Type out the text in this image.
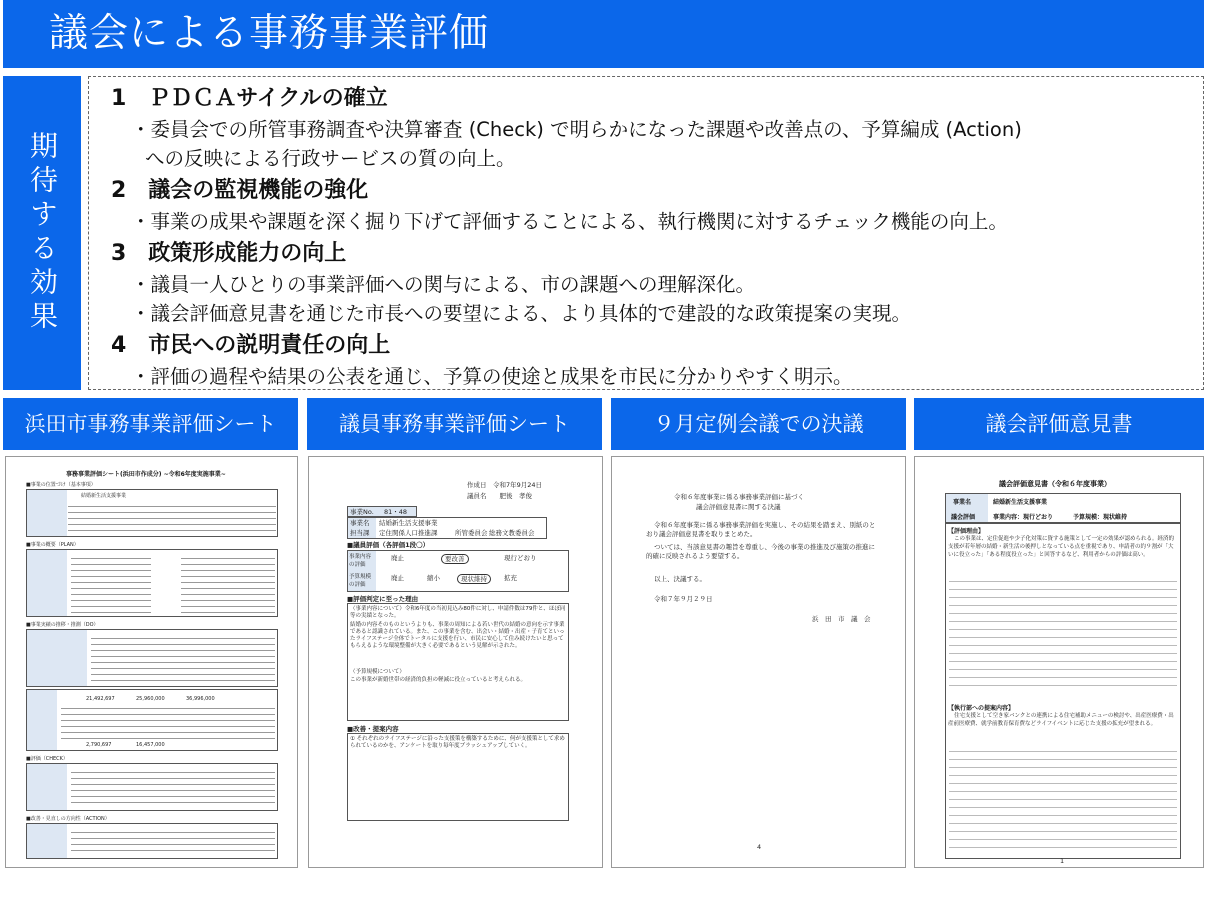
議会による事務事業評価
期待する効果
1　ＰＤＣＡサイクルの確立
・委員会での所管事務調査や決算審査 (Check) で明らかになった課題や改善点の、予算編成 (Action)
への反映による行政サービスの質の向上。
2　議会の監視機能の強化
・事業の成果や課題を深く掘り下げて評価することによる、執行機関に対するチェック機能の向上。
3　政策形成能力の向上
・議員一人ひとりの事業評価への関与による、市の課題への理解深化。
・議会評価意見書を通じた市長への要望による、より具体的で建設的な政策提案の実現。
4　市民への説明責任の向上
・評価の過程や結果の公表を通じ、予算の使途と成果を市民に分かりやすく明示。
浜田市事務事業評価シート	議員事務事業評価シート	９月定例会議での決議	議会評価意見書
事務事業評価シート(浜田市作成分) ~令和6年度実施事業~
■事業の位置づけ（基本事項）
結婚新生活支援事業
■事業の概要（PLAN）
■事業実績の推移・推測（DO）
21,492,697	25,960,000	36,996,000
2,790,697	16,457,000
■評価（CHECK）
■改善・見直しの方向性（ACTION）
作成日　令和7年9月24日
議員名　　肥後　孝俊
事業No. 81・48
事業名 結婚新生活支援事業
担当課 定住関係人口推進課	所管委員会 総務文教委員会
■議員評価（各評価1段〇）
事業内容の評価
廃止	要改善	現行どおり
予算規模の評価
廃止	縮小	現状維持	拡充
■評価判定に至った理由
（事業内容について）令和6年度の当初見込み80件に対し、申請件数は79件と、ほぼ同等の実績となった。
結婚の内容そのものというよりも、事業の周知による若い世代の結婚の意向を示す事業であると認識されている。また、この事業を含む、出会い・結婚・出産・子育てといったライフステージ全体でトータルに支援を行い、市民に安心して住み続けたいと思ってもらえるような環境整備が大きく必要であるという見解が示された。
（予算規模について）
この事業が新婚世帯の経済的負担の軽減に役立っていると考えられる。
■改善・提案内容
① それぞれのライフステージに沿った支援策を構築するために、何が支援策として求められているのかを、アンケートを取り毎年度ブラッシュアップしていく。
令和６年度事業に係る事務事業評価に基づく
議会評価意見書に関する決議
令和６年度事業に係る事務事業評価を実施し、その結果を踏まえ、別紙のとおり議会評価意見書を取りまとめた。
ついては、当該意見書の趣旨を尊重し、今後の事業の推進及び施策の推進に的確に反映されるよう要望する。
以上、決議する。
令和７年９月２９日
浜　田　市　議　会
4
議会評価意見書（令和６年度事業）
事業名	結婚新生活支援事業
議会評価	事業内容：現行どおり	予算規模：現状維持
【評価理由】
この事業は、定住促進や少子化対策に資する施策として一定の効果が認められる。経済的支援が若年層の結婚・新生活の後押しとなっている点を重視であり、申請者の約９割が「大いに役立った」「ある程度役立った」と回答するなど、利用者からの評価は高い。
【執行部への提案内容】
住宅支援として空き家バンクとの連携による住宅補助メニューの検討や、出産医療費・出産前医療費、就学前教育保育費などライフイベントに応じた支援の拡充が望まれる。
1
